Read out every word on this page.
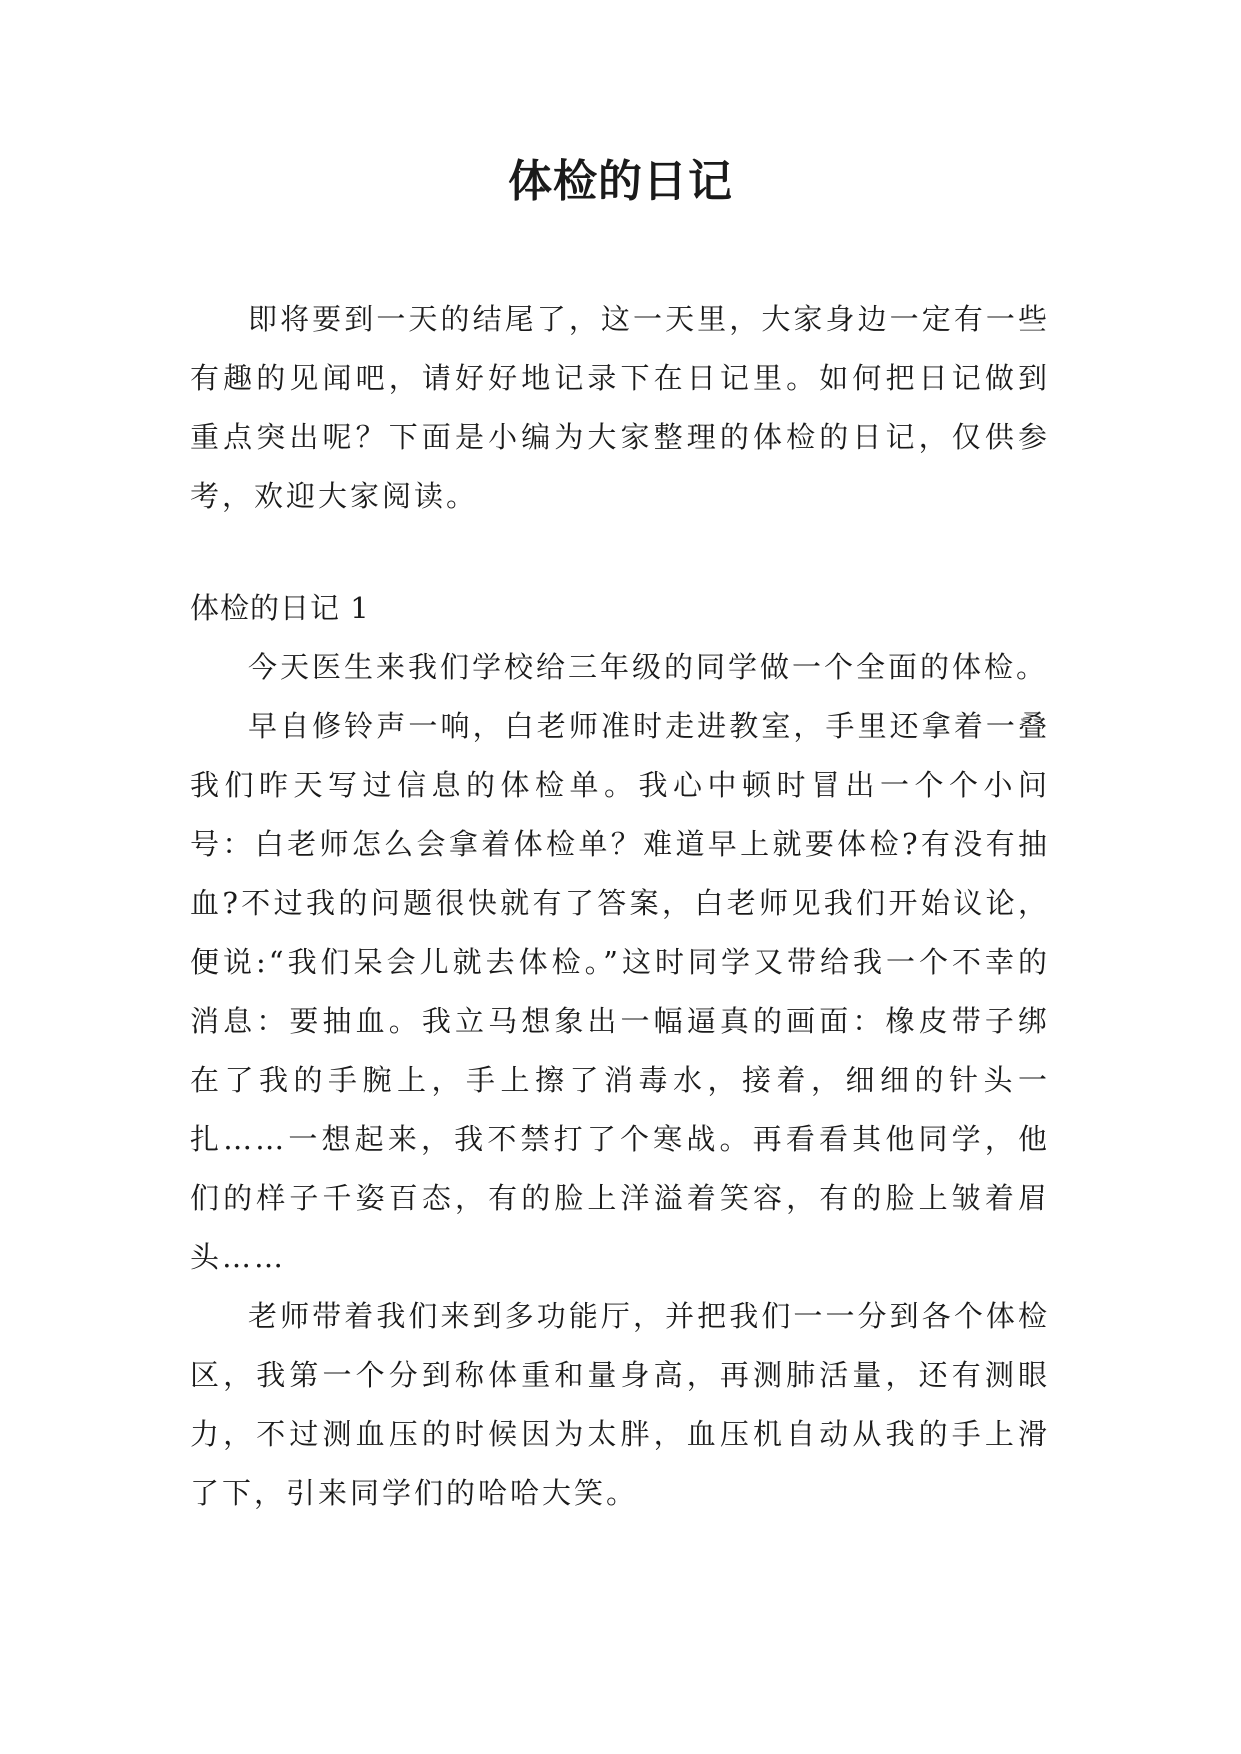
体检的日记

即将要到一天的结尾了，这一天里，大家身边一定有一些有趣的见闻吧，请好好地记录下在日记里。如何把日记做到重点突出呢？下面是小编为大家整理的体检的日记，仅供参考，欢迎大家阅读。

体检的日记 1

今天医生来我们学校给三年级的同学做一个全面的体检。

早自修铃声一响，白老师准时走进教室，手里还拿着一叠我们昨天写过信息的体检单。我心中顿时冒出一个个小问号：白老师怎么会拿着体检单？难道早上就要体检?有没有抽血?不过我的问题很快就有了答案，白老师见我们开始议论，便说:“我们呆会儿就去体检。”这时同学又带给我一个不幸的消息：要抽血。我立马想象出一幅逼真的画面：橡皮带子绑在了我的手腕上，手上擦了消毒水，接着，细细的针头一扎……一想起来，我不禁打了个寒战。再看看其他同学，他们的样子千姿百态，有的脸上洋溢着笑容，有的脸上皱着眉头……

老师带着我们来到多功能厅，并把我们一一分到各个体检区，我第一个分到称体重和量身高，再测肺活量，还有测眼力，不过测血压的时候因为太胖，血压机自动从我的手上滑了下，引来同学们的哈哈大笑。
